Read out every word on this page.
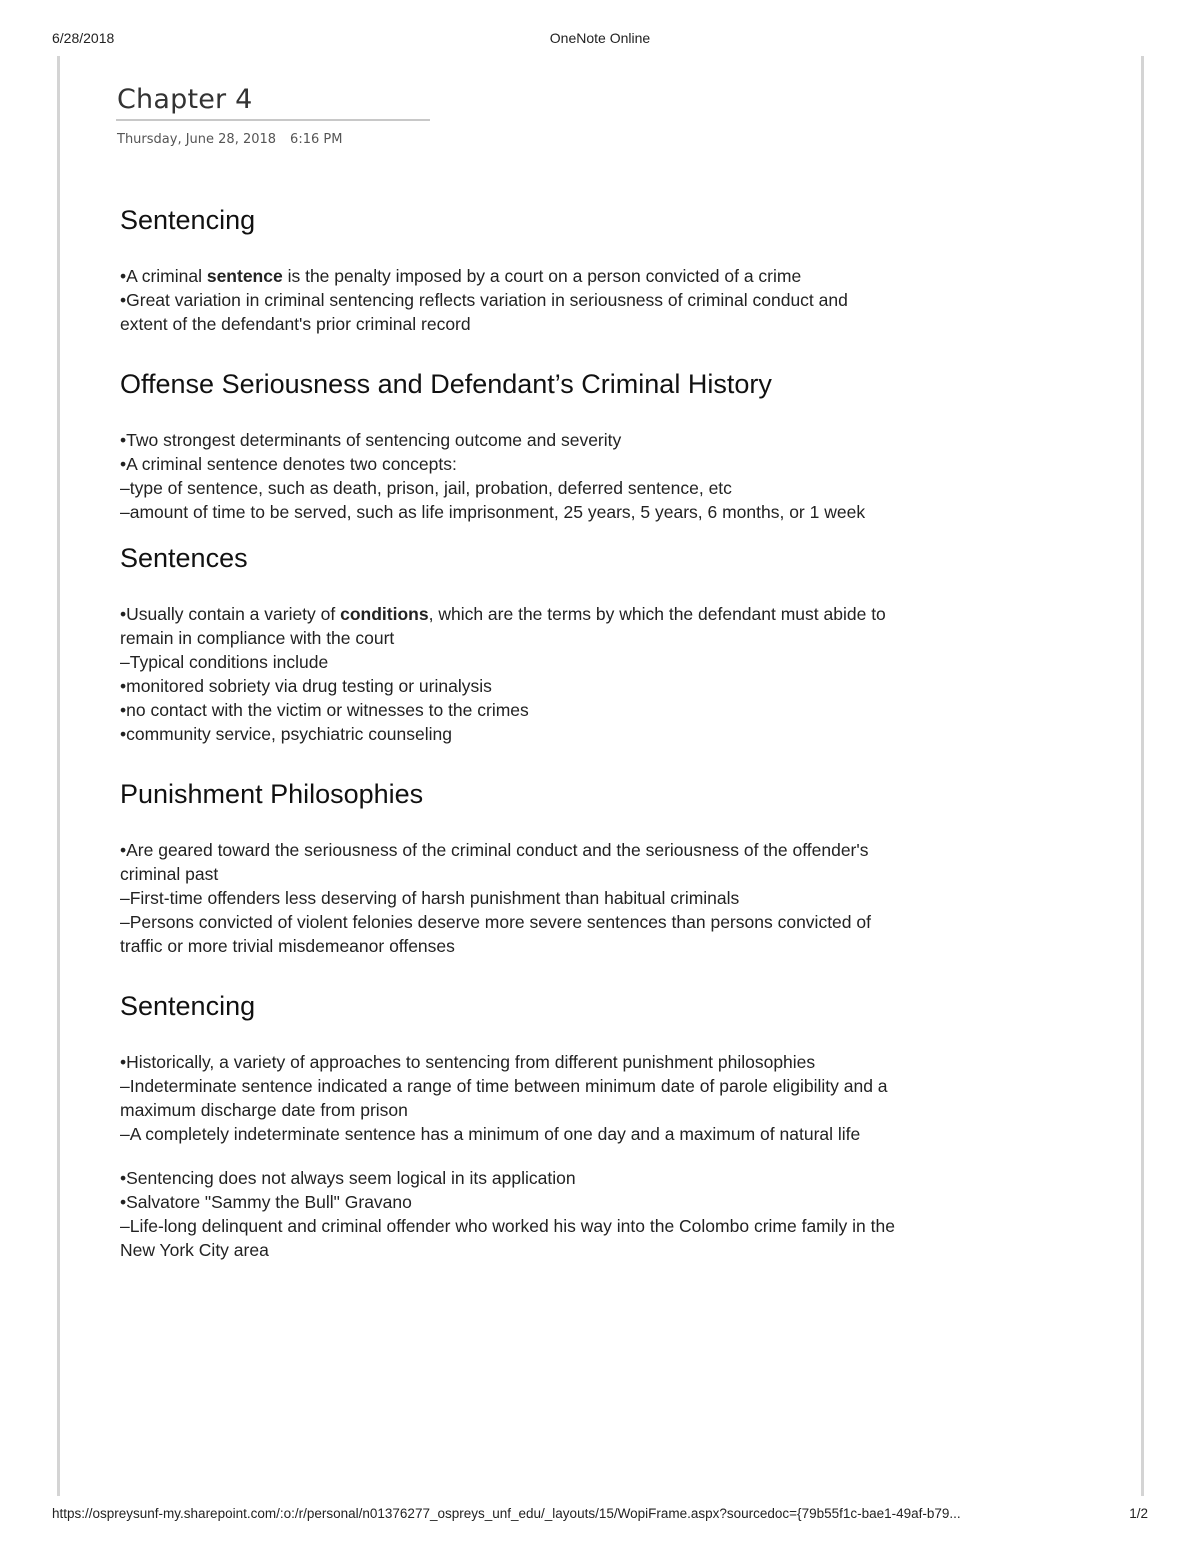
6/28/2018	OneNote Online
Chapter 4
Thursday, June 28, 2018 6:16 PM
Sentencing

•A criminal sentence is the penalty imposed by a court on a person convicted of a crime

•Great variation in criminal sentencing reflects variation in seriousness of criminal conduct and extent of the defendant's prior criminal record

Offense Seriousness and Defendant’s Criminal History

•Two strongest determinants of sentencing outcome and severity

•A criminal sentence denotes two concepts:

–type of sentence, such as death, prison, jail, probation, deferred sentence, etc

–amount of time to be served, such as life imprisonment, 25 years, 5 years, 6 months, or 1 week

Sentences

•Usually contain a variety of conditions, which are the terms by which the defendant must abide to remain in compliance with the court

–Typical conditions include

•monitored sobriety via drug testing or urinalysis

•no contact with the victim or witnesses to the crimes

•community service, psychiatric counseling

Punishment Philosophies

•Are geared toward the seriousness of the criminal conduct and the seriousness of the offender's criminal past

–First-time offenders less deserving of harsh punishment than habitual criminals

–Persons convicted of violent felonies deserve more severe sentences than persons convicted of traffic or more trivial misdemeanor offenses

Sentencing

•Historically, a variety of approaches to sentencing from different punishment philosophies

–Indeterminate sentence indicated a range of time between minimum date of parole eligibility and a maximum discharge date from prison

–A completely indeterminate sentence has a minimum of one day and a maximum of natural life

•Sentencing does not always seem logical in its application

•Salvatore "Sammy the Bull" Gravano

–Life-long delinquent and criminal offender who worked his way into the Colombo crime family in the New York City area

https://ospreysunf-my.sharepoint.com/:o:/r/personal/n01376277_ospreys_unf_edu/_layouts/15/WopiFrame.aspx?sourcedoc={79b55f1c-bae1-49af-b79...	1/2
